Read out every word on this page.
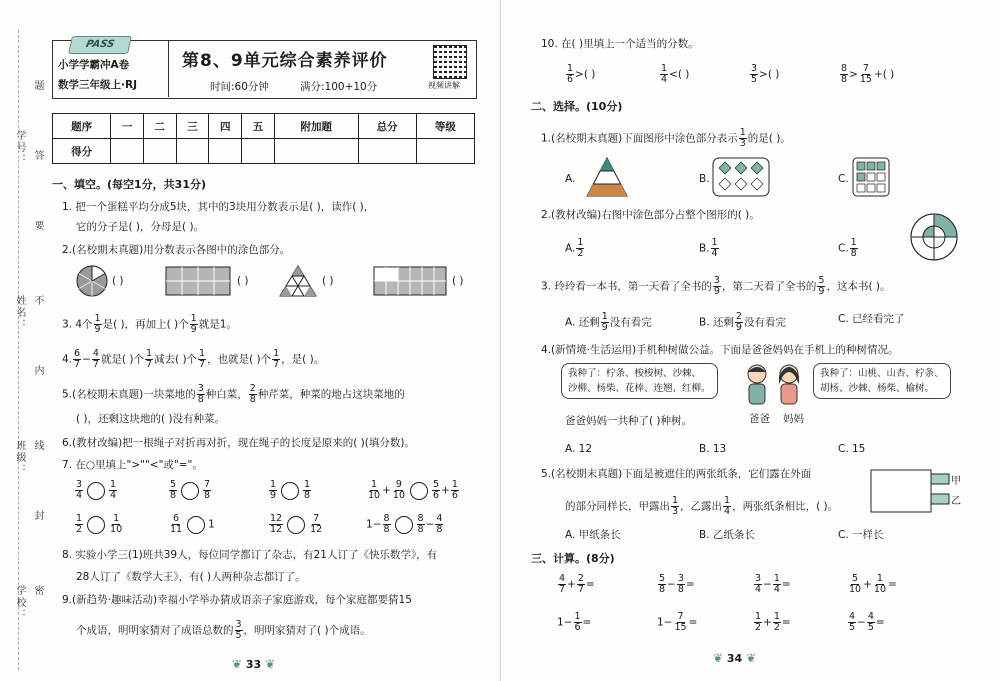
学号：
姓名：
班级：
学校：
题
答
要
不
内
线
封
密
PASS
小学学霸冲A卷
数学三年级上·RJ
第8、9单元综合素养评价
时间:60分钟	满分:100+10分	视频讲解
题序	一	二	三	四	五	附加题	总分	等级
得分								
一、填空。(每空1分，共31分)
1. 把一个蛋糕平均分成5块，其中的3块用分数表示是( )，读作( )，
它的分子是( )，分母是( )。
2.(名校期末真题)用分数表示各图中的涂色部分。
( )	( )	( )	( )
3. 4个 $\frac{1}{9}$ 是( )，再加上( )个 $\frac{1}{9}$ 就是1。
4. $\frac{6}{7} - \frac{4}{7}$ 就是( )个 $\frac{1}{7}$ 减去( )个 $\frac{1}{7}$ ，也就是( )个 $\frac{1}{7}$ ，是( )。
5.(名校期末真题)一块菜地的 $\frac{3}{8}$ 种白菜， $\frac{2}{8}$ 种芹菜，种菜的地占这块菜地的
( )，还剩这块地的( )没有种菜。
6.(教材改编)把一根绳子对折再对折，现在绳子的长度是原来的( )(填分数)。
7. 在○里填上">""<"或"="。
$\frac{3}{4}$	$\frac{1}{4}$	$\frac{5}{8}$	$\frac{7}{8}$	$\frac{1}{9}$	$\frac{1}{8}$	$\frac{1}{10} + \frac{9}{10}$	$\frac{5}{6} + \frac{1}{6}$
$\frac{1}{2}$	$\frac{1}{10}$	$\frac{6}{11} 1$	$\frac{12}{12}$	$\frac{7}{12}$	$1- \frac{8}{8}$	$\frac{8}{8} - \frac{4}{8}$
8. 实验小学三(1)班共39人，每位同学都订了杂志，有21人订了《快乐数学》，有
28人订了《数学大王》，有( )人两种杂志都订了。
9.(新趋势·趣味活动)幸福小学举办猜成语亲子家庭游戏，每个家庭都要猜15
个成语，明明家猜对了成语总数的 $\frac{3}{5}$ ，明明家猜对了( )个成语。
❦ 33 ❦
10. 在( )里填上一个适当的分数。
$\frac{1}{6}$ >( )	$\frac{1}{4}$ <( )	$\frac{3}{5}$ >( )	$\frac{8}{8} > \frac{7}{15}$ +( )
二、选择。(10分)
1.(名校期末真题)下面图形中涂色部分表示 $\frac{1}{3}$ 的是( )。
A.	B.	C.
2.(教材改编)右图中涂色部分占整个图形的( )。
A. $\frac{1}{2}$	B. $\frac{1}{4}$	C. $\frac{1}{8}$
3. 玲玲看一本书，第一天看了全书的 $\frac{3}{9}$ ，第二天看了全书的 $\frac{5}{9}$ ，这本书( )。
A. 还剩 $\frac{1}{9}$ 没有看完	B. 还剩 $\frac{2}{9}$ 没有看完	C. 已经看完了
4.(新情境·生活运用)手机种树做公益。下面是爸爸妈妈在手机上的种树情况。
我种了：柠条、梭梭树、沙棘、
沙柳、杨柴、花棒、连翘、红柳。
我种了：山桃、山杏、柠条、
胡杨、沙棘、杨柴、榆树。
爸爸 妈妈
爸爸妈妈一共种了( )种树。
A. 12	B. 13	C. 15
5.(名校期末真题)下面是被遮住的两张纸条，它们露在外面
的部分同样长，甲露出 $\frac{1}{3}$ ，乙露出 $\frac{1}{4}$ ，两张纸条相比，( )。
甲
乙
A. 甲纸条长	B. 乙纸条长	C. 一样长
三、计算。(8分)
$\frac{4}{7} + \frac{2}{7}$ =	$\frac{5}{8} - \frac{3}{8}$ =	$\frac{3}{4} - \frac{1}{4}$ =	$\frac{5}{10} + \frac{1}{10}$ =
$1- \frac{1}{6}$ =	$1- \frac{7}{15}$ =	$\frac{1}{2} + \frac{1}{2}$ =	$\frac{4}{5} - \frac{4}{5}$ =
❦ 34 ❦
